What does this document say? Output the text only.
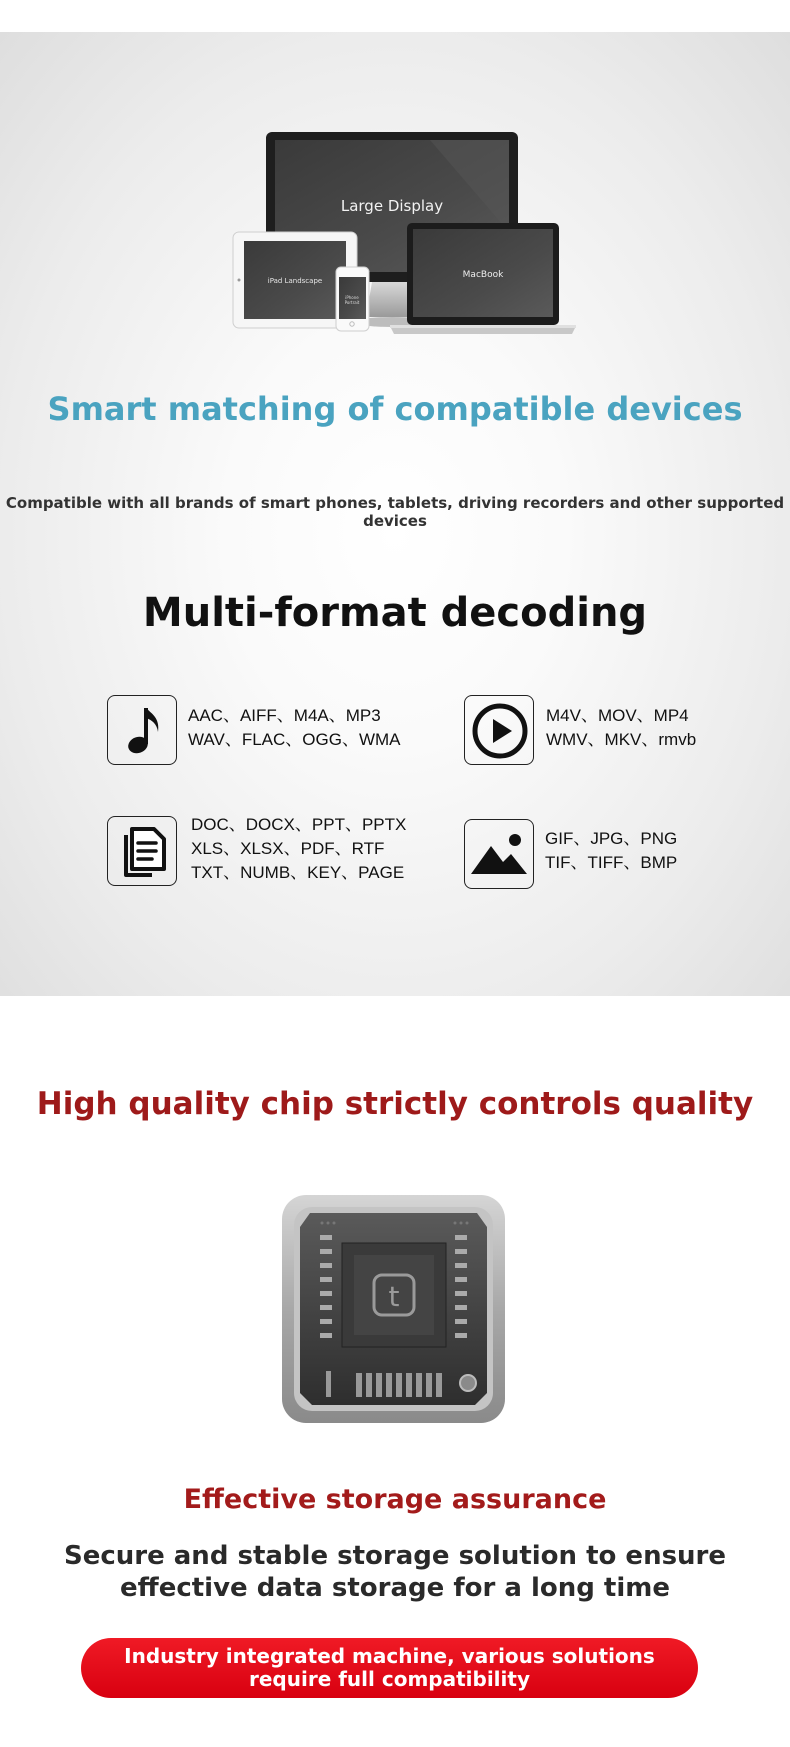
Large Display
MacBook
iPad Landscape
iPhone
Portrait
Smart matching of compatible devices

Compatible with all brands of smart phones, tablets, driving recorders and other supported devices

Multi-format decoding
AAC、AIFF、M4A、MP3
WAV、FLAC、OGG、WMA
M4V、MOV、MP4
WMV、MKV、rmvb
DOC、DOCX、PPT、PPTX
XLS、XLSX、PDF、RTF
TXT、NUMB、KEY、PAGE
GIF、JPG、PNG
TIF、TIFF、BMP
High quality chip strictly controls quality
t
Effective storage assurance
Secure and stable storage solution to ensure
effective data storage for a long time
Industry integrated machine, various solutions
require full compatibility
